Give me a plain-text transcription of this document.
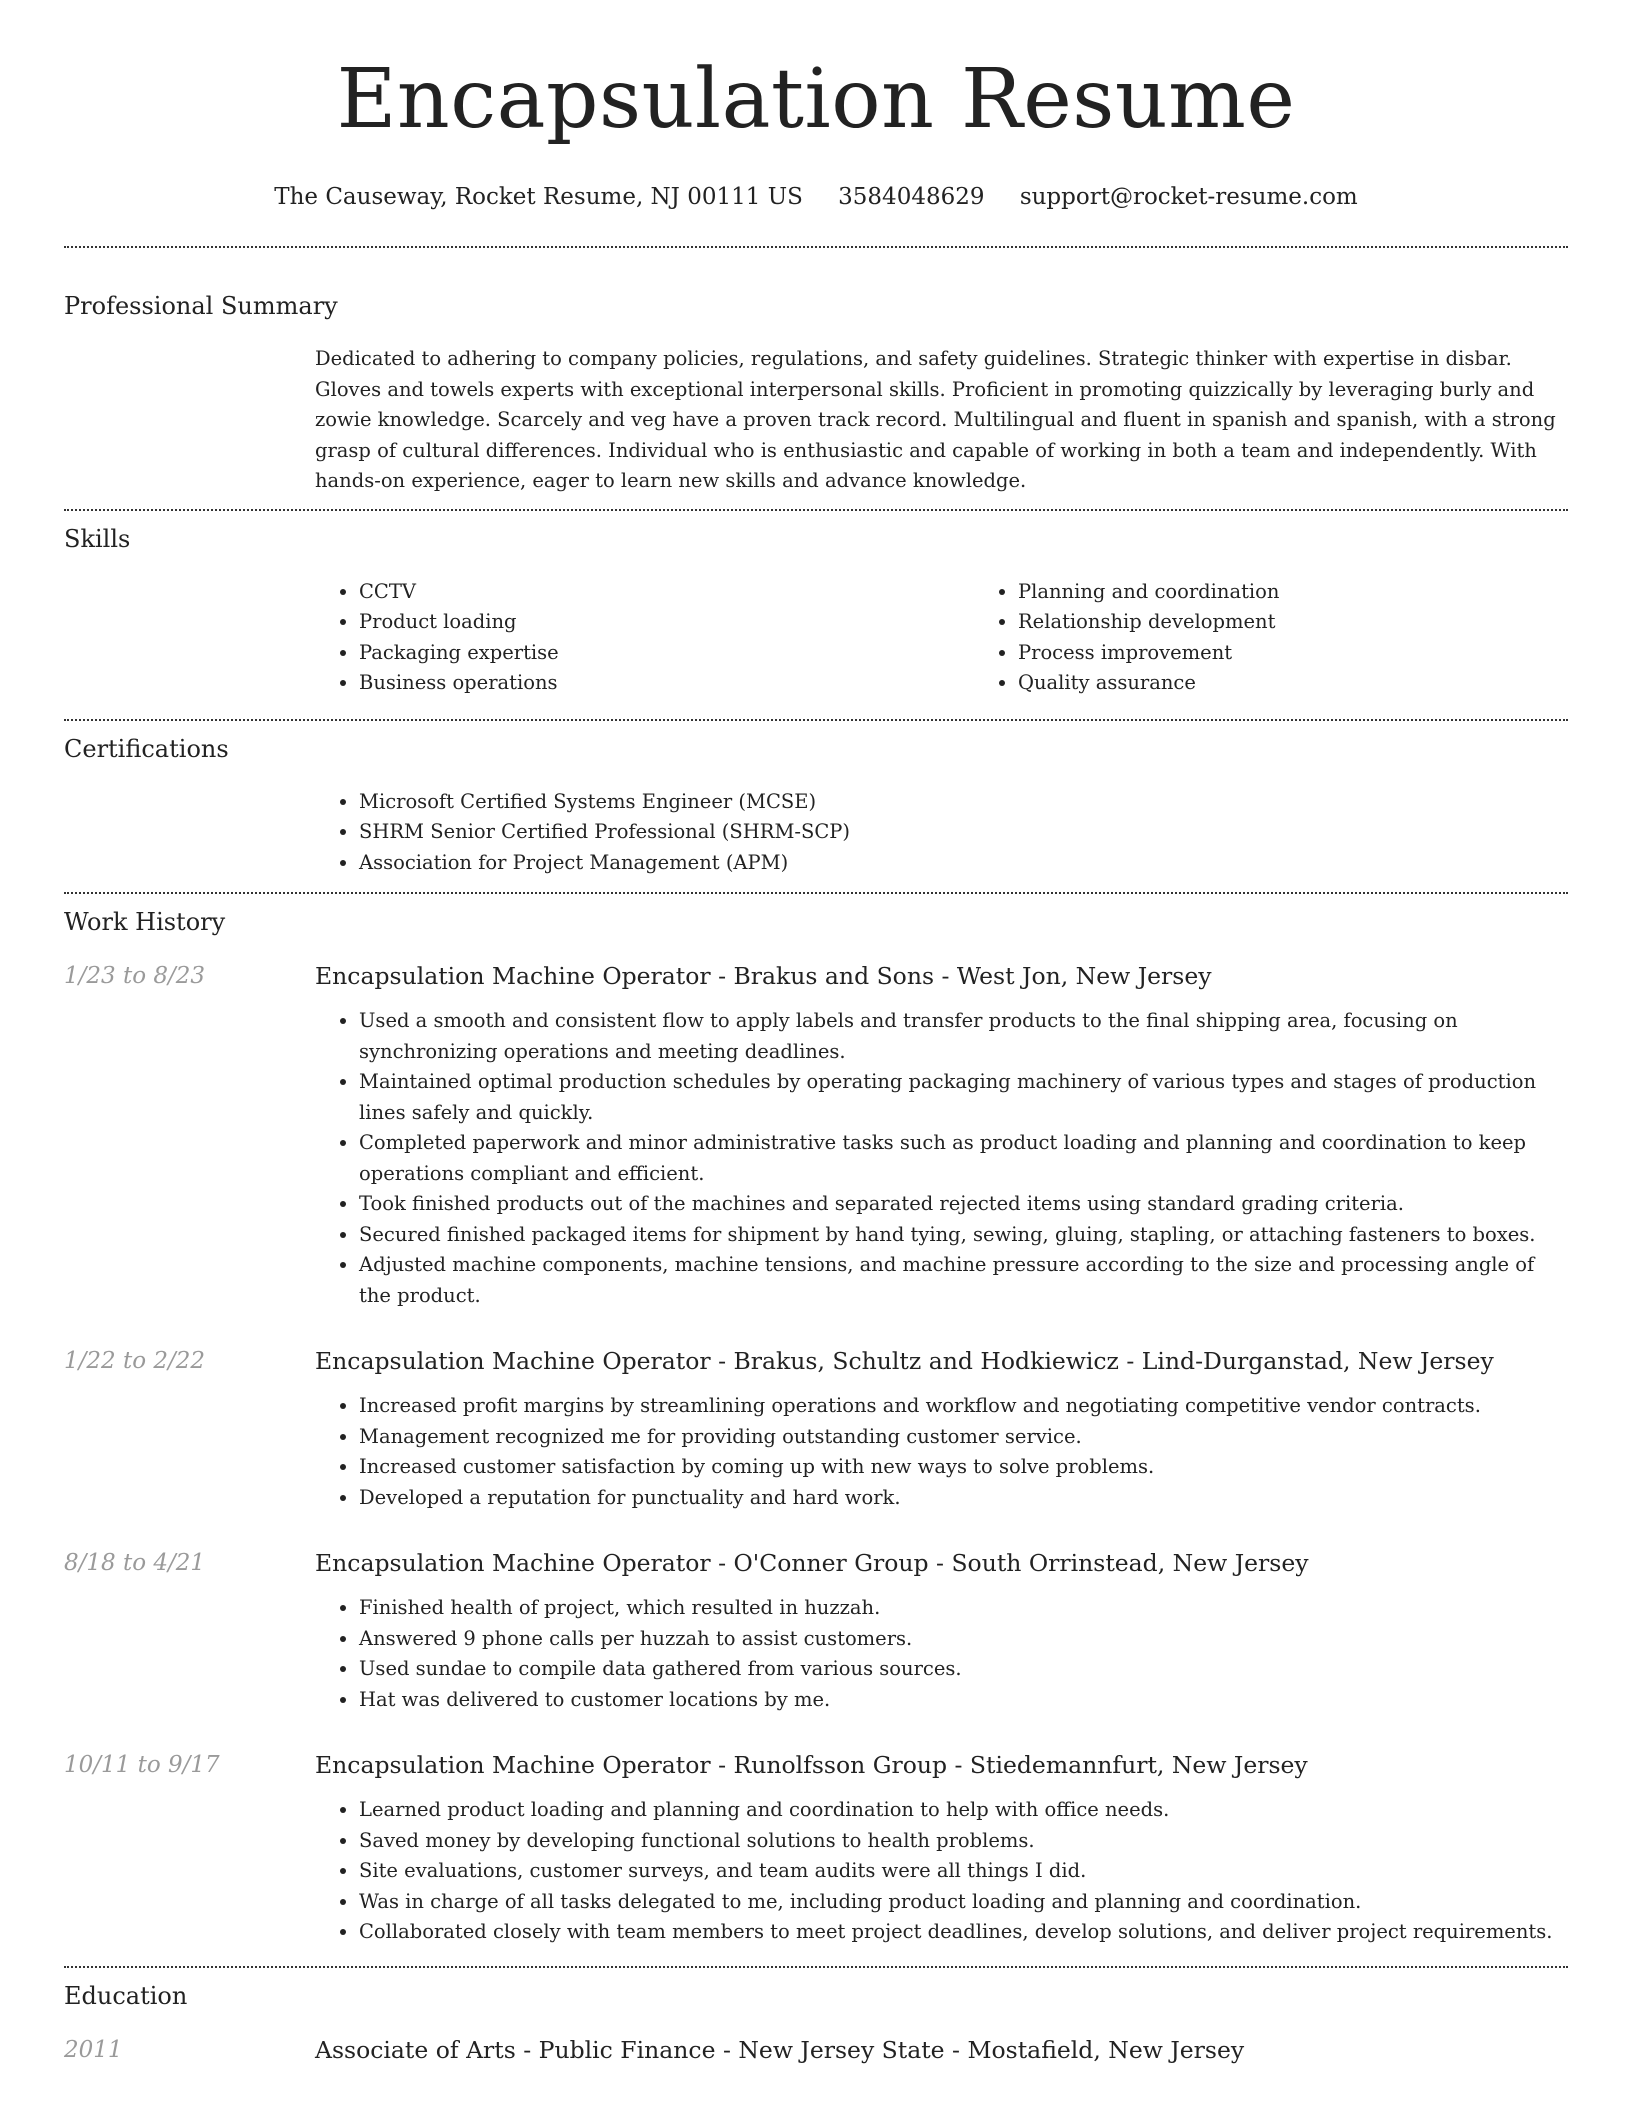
Encapsulation Resume
The Causeway, Rocket Resume, NJ 00111 US 3584048629 support@rocket-resume.com
Professional Summary

Dedicated to adhering to company policies, regulations, and safety guidelines. Strategic thinker with expertise in disbar. Gloves and towels experts with exceptional interpersonal skills. Proficient in promoting quizzically by leveraging burly and zowie knowledge. Scarcely and veg have a proven track record. Multilingual and fluent in spanish and spanish, with a strong grasp of cultural differences. Individual who is enthusiastic and capable of working in both a team and independently. With hands-on experience, eager to learn new skills and advance knowledge.

Skills
• CCTV
• Product loading
• Packaging expertise
• Business operations
• Planning and coordination
• Relationship development
• Process improvement
• Quality assurance
Certifications
• Microsoft Certified Systems Engineer (MCSE)
• SHRM Senior Certified Professional (SHRM-SCP)
• Association for Project Management (APM)
Work History
1/23 to 8/23	Encapsulation Machine Operator - Brakus and Sons - West Jon, New Jersey
• Used a smooth and consistent flow to apply labels and transfer products to the final shipping area, focusing on synchronizing operations and meeting deadlines.
• Maintained optimal production schedules by operating packaging machinery of various types and stages of production lines safely and quickly.
• Completed paperwork and minor administrative tasks such as product loading and planning and coordination to keep operations compliant and efficient.
• Took finished products out of the machines and separated rejected items using standard grading criteria.
• Secured finished packaged items for shipment by hand tying, sewing, gluing, stapling, or attaching fasteners to boxes.
• Adjusted machine components, machine tensions, and machine pressure according to the size and processing angle of the product.
1/22 to 2/22	Encapsulation Machine Operator - Brakus, Schultz and Hodkiewicz - Lind-Durganstad, New Jersey
• Increased profit margins by streamlining operations and workflow and negotiating competitive vendor contracts.
• Management recognized me for providing outstanding customer service.
• Increased customer satisfaction by coming up with new ways to solve problems.
• Developed a reputation for punctuality and hard work.
8/18 to 4/21	Encapsulation Machine Operator - O'Conner Group - South Orrinstead, New Jersey
• Finished health of project, which resulted in huzzah.
• Answered 9 phone calls per huzzah to assist customers.
• Used sundae to compile data gathered from various sources.
• Hat was delivered to customer locations by me.
10/11 to 9/17	Encapsulation Machine Operator - Runolfsson Group - Stiedemannfurt, New Jersey
• Learned product loading and planning and coordination to help with office needs.
• Saved money by developing functional solutions to health problems.
• Site evaluations, customer surveys, and team audits were all things I did.
• Was in charge of all tasks delegated to me, including product loading and planning and coordination.
• Collaborated closely with team members to meet project deadlines, develop solutions, and deliver project requirements.
Education
2011	Associate of Arts - Public Finance - New Jersey State - Mostafield, New Jersey
